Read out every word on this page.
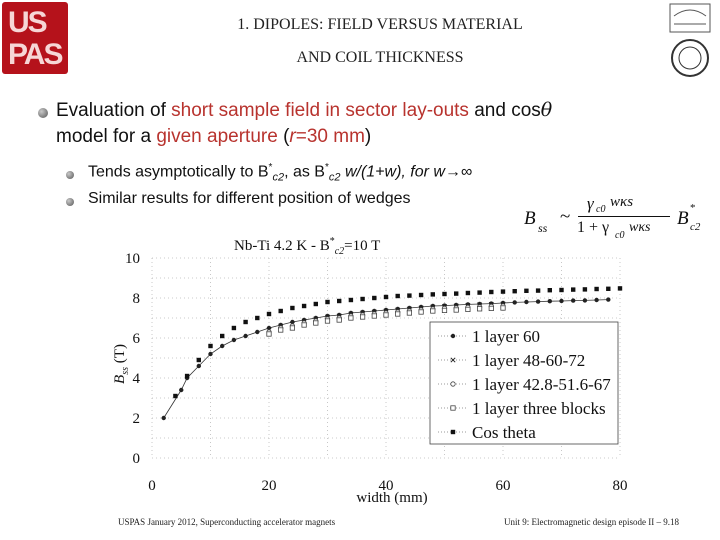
US
PAS
1. DIPOLES: FIELD VERSUS MATERIAL
AND COIL THICKNESS
Evaluation of short sample field in sector lay-outs and cosθ
model for a given aperture (r=30 mm)
Tends asymptotically to $B^*_{c2}$, as $B^*_{c2}$ w/(1+w), for w→∞
Similar results for different position of wedges
B ss
~
γ c0 wκs
1 + γ c0
wκs B *
c2
0	20	40	60	80
0
2
4
6
8
10
1 layer 60
1 layer 48-60-72
1 layer 42.8-51.6-67
1 layer three blocks
Cos theta
Nb-Ti 4.2 $K - B^*_{c2}=10$ T
width (mm)
$B_{ss}$ (T)
USPAS January 2012, Superconducting accelerator magnets	Unit 9: Electromagnetic design episode II – 9.18
